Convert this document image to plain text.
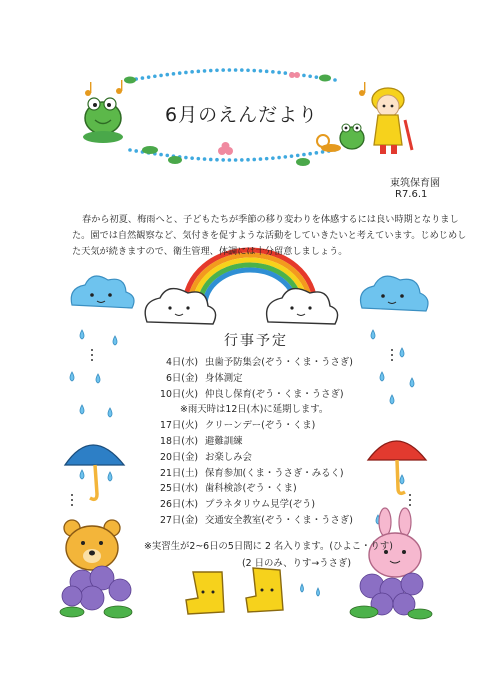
6月のえんだより
東筑保育園
R7.6.1

春から初夏、梅雨へと、子どもたちが季節の移り変わりを体感するには良い時期となりました。園では自然観察など、気付きを促すような活動をしていきたいと考えています。じめじめした天気が続きますので、衛生管理、体調には十分留意しましょう。

行事予定
4日(水) 虫歯予防集会(ぞう・くま・うさぎ)
6日(金) 身体測定
10日(火) 仲良し保育(ぞう・くま・うさぎ)
※雨天時は12日(木)に延期します。
17日(火) クリーンデー(ぞう・くま)
18日(水) 避難訓練
20日(金) お楽しみ会
21日(土) 保育参加(くま・うさぎ・みるく)
25日(水) 歯科検診(ぞう・くま)
26日(木) プラネタリウム見学(ぞう)
27日(金) 交通安全教室(ぞう・くま・うさぎ)
※実習生が2~6日の5日間に 2 名入ります。(ひよこ・りす)
(2 日のみ、りす→うさぎ)
